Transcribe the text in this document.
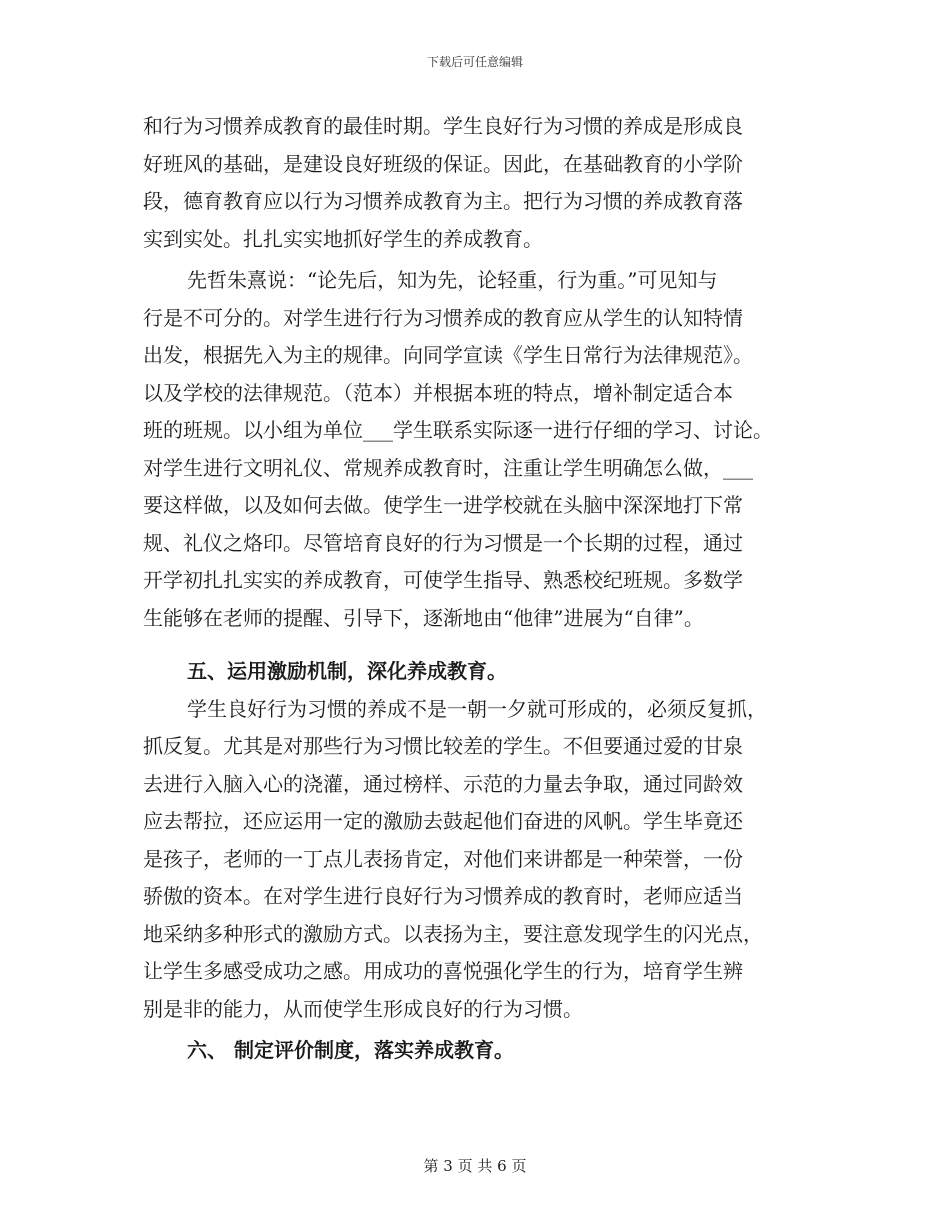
下载后可任意编辑
和行为习惯养成教育的最佳时期。学生良好行为习惯的养成是形成良
好班风的基础，是建设良好班级的保证。因此，在基础教育的小学阶
段，德育教育应以行为习惯养成教育为主。把行为习惯的养成教育落
实到实处。扎扎实实地抓好学生的养成教育。
先哲朱熹说：“论先后，知为先，论轻重，行为重。”可见知与
行是不可分的。对学生进行行为习惯养成的教育应从学生的认知特情
出发，根据先入为主的规律。向同学宣读《学生日常行为法律规范》。
以及学校的法律规范。（范本）并根据本班的特点，增补制定适合本
班的班规。以小组为单位___学生联系实际逐一进行仔细的学习、讨论。
对学生进行文明礼仪、常规养成教育时，注重让学生明确怎么做，___
要这样做，以及如何去做。使学生一进学校就在头脑中深深地打下常
规、礼仪之烙印。尽管培育良好的行为习惯是一个长期的过程，通过
开学初扎扎实实的养成教育，可使学生指导、熟悉校纪班规。多数学
生能够在老师的提醒、引导下，逐渐地由“他律”进展为“自律”。
五、运用激励机制，深化养成教育。
学生良好行为习惯的养成不是一朝一夕就可形成的，必须反复抓，
抓反复。尤其是对那些行为习惯比较差的学生。不但要通过爱的甘泉
去进行入脑入心的浇灌，通过榜样、示范的力量去争取，通过同龄效
应去帮拉，还应运用一定的激励去鼓起他们奋进的风帆。学生毕竟还
是孩子，老师的一丁点儿表扬肯定，对他们来讲都是一种荣誉，一份
骄傲的资本。在对学生进行良好行为习惯养成的教育时，老师应适当
地采纳多种形式的激励方式。以表扬为主，要注意发现学生的闪光点，
让学生多感受成功之感。用成功的喜悦强化学生的行为，培育学生辨
别是非的能力，从而使学生形成良好的行为习惯。
六、 制定评价制度，落实养成教育。
第 3 页 共 6 页
